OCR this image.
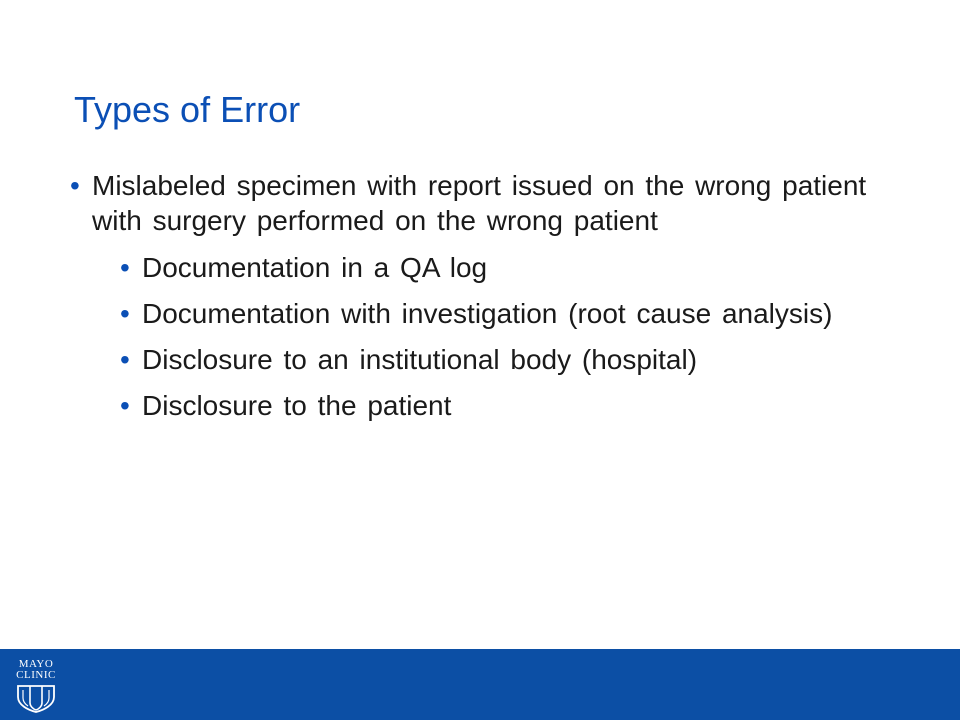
Types of Error
• Mislabeled specimen with report issued on the wrong patient with surgery performed on the wrong patient
• Documentation in a QA log
• Documentation with investigation (root cause analysis)
• Disclosure to an institutional body (hospital)
• Disclosure to the patient
MAYO
CLINIC
